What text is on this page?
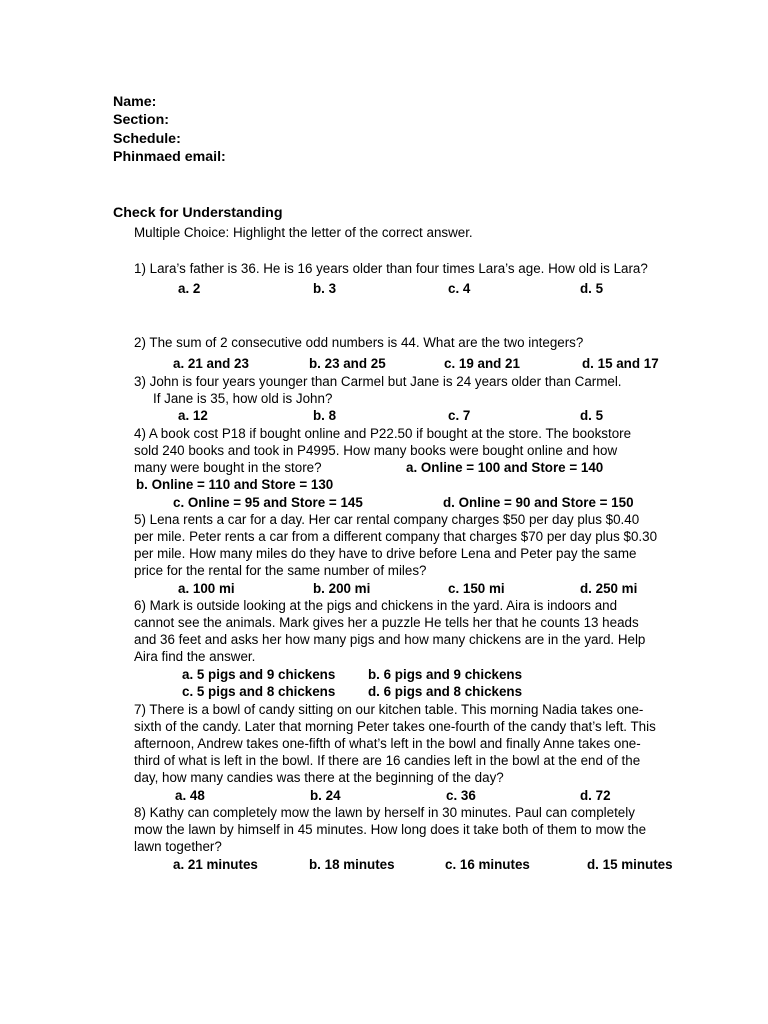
Name:
Section:
Schedule:
Phinmaed email:
Check for Understanding
Multiple Choice: Highlight the letter of the correct answer.
1) Lara’s father is 36. He is 16 years older than four times Lara’s age. How old is Lara?
a. 2	b. 3	c. 4	d. 5
2) The sum of 2 consecutive odd numbers is 44. What are the two integers?
a. 21 and 23	b. 23 and 25	c. 19 and 21	d. 15 and 17
3) John is four years younger than Carmel but Jane is 24 years older than Carmel.
If Jane is 35, how old is John?
a. 12	b. 8	c. 7	d. 5
4) A book cost P18 if bought online and P22.50 if bought at the store. The bookstore
sold 240 books and took in P4995. How many books were bought online and how
many were bought in the store?	a. Online = 100 and Store = 140
b. Online = 110 and Store = 130
c. Online = 95 and Store = 145	d. Online = 90 and Store = 150
5) Lena rents a car for a day. Her car rental company charges $50 per day plus $0.40
per mile. Peter rents a car from a different company that charges $70 per day plus $0.30
per mile. How many miles do they have to drive before Lena and Peter pay the same
price for the rental for the same number of miles?
a. 100 mi	b. 200 mi	c. 150 mi	d. 250 mi
6) Mark is outside looking at the pigs and chickens in the yard. Aira is indoors and
cannot see the animals. Mark gives her a puzzle He tells her that he counts 13 heads
and 36 feet and asks her how many pigs and how many chickens are in the yard. Help
Aira find the answer.
a. 5 pigs and 9 chickens b. 6 pigs and 9 chickens
c. 5 pigs and 8 chickens d. 6 pigs and 8 chickens
7) There is a bowl of candy sitting on our kitchen table. This morning Nadia takes one-
sixth of the candy. Later that morning Peter takes one-fourth of the candy that’s left. This
afternoon, Andrew takes one-fifth of what’s left in the bowl and finally Anne takes one-
third of what is left in the bowl. If there are 16 candies left in the bowl at the end of the
day, how many candies was there at the beginning of the day?
a. 48	b. 24	c. 36	d. 72
8) Kathy can completely mow the lawn by herself in 30 minutes. Paul can completely
mow the lawn by himself in 45 minutes. How long does it take both of them to mow the
lawn together?
a. 21 minutes	b. 18 minutes	c. 16 minutes	d. 15 minutes
